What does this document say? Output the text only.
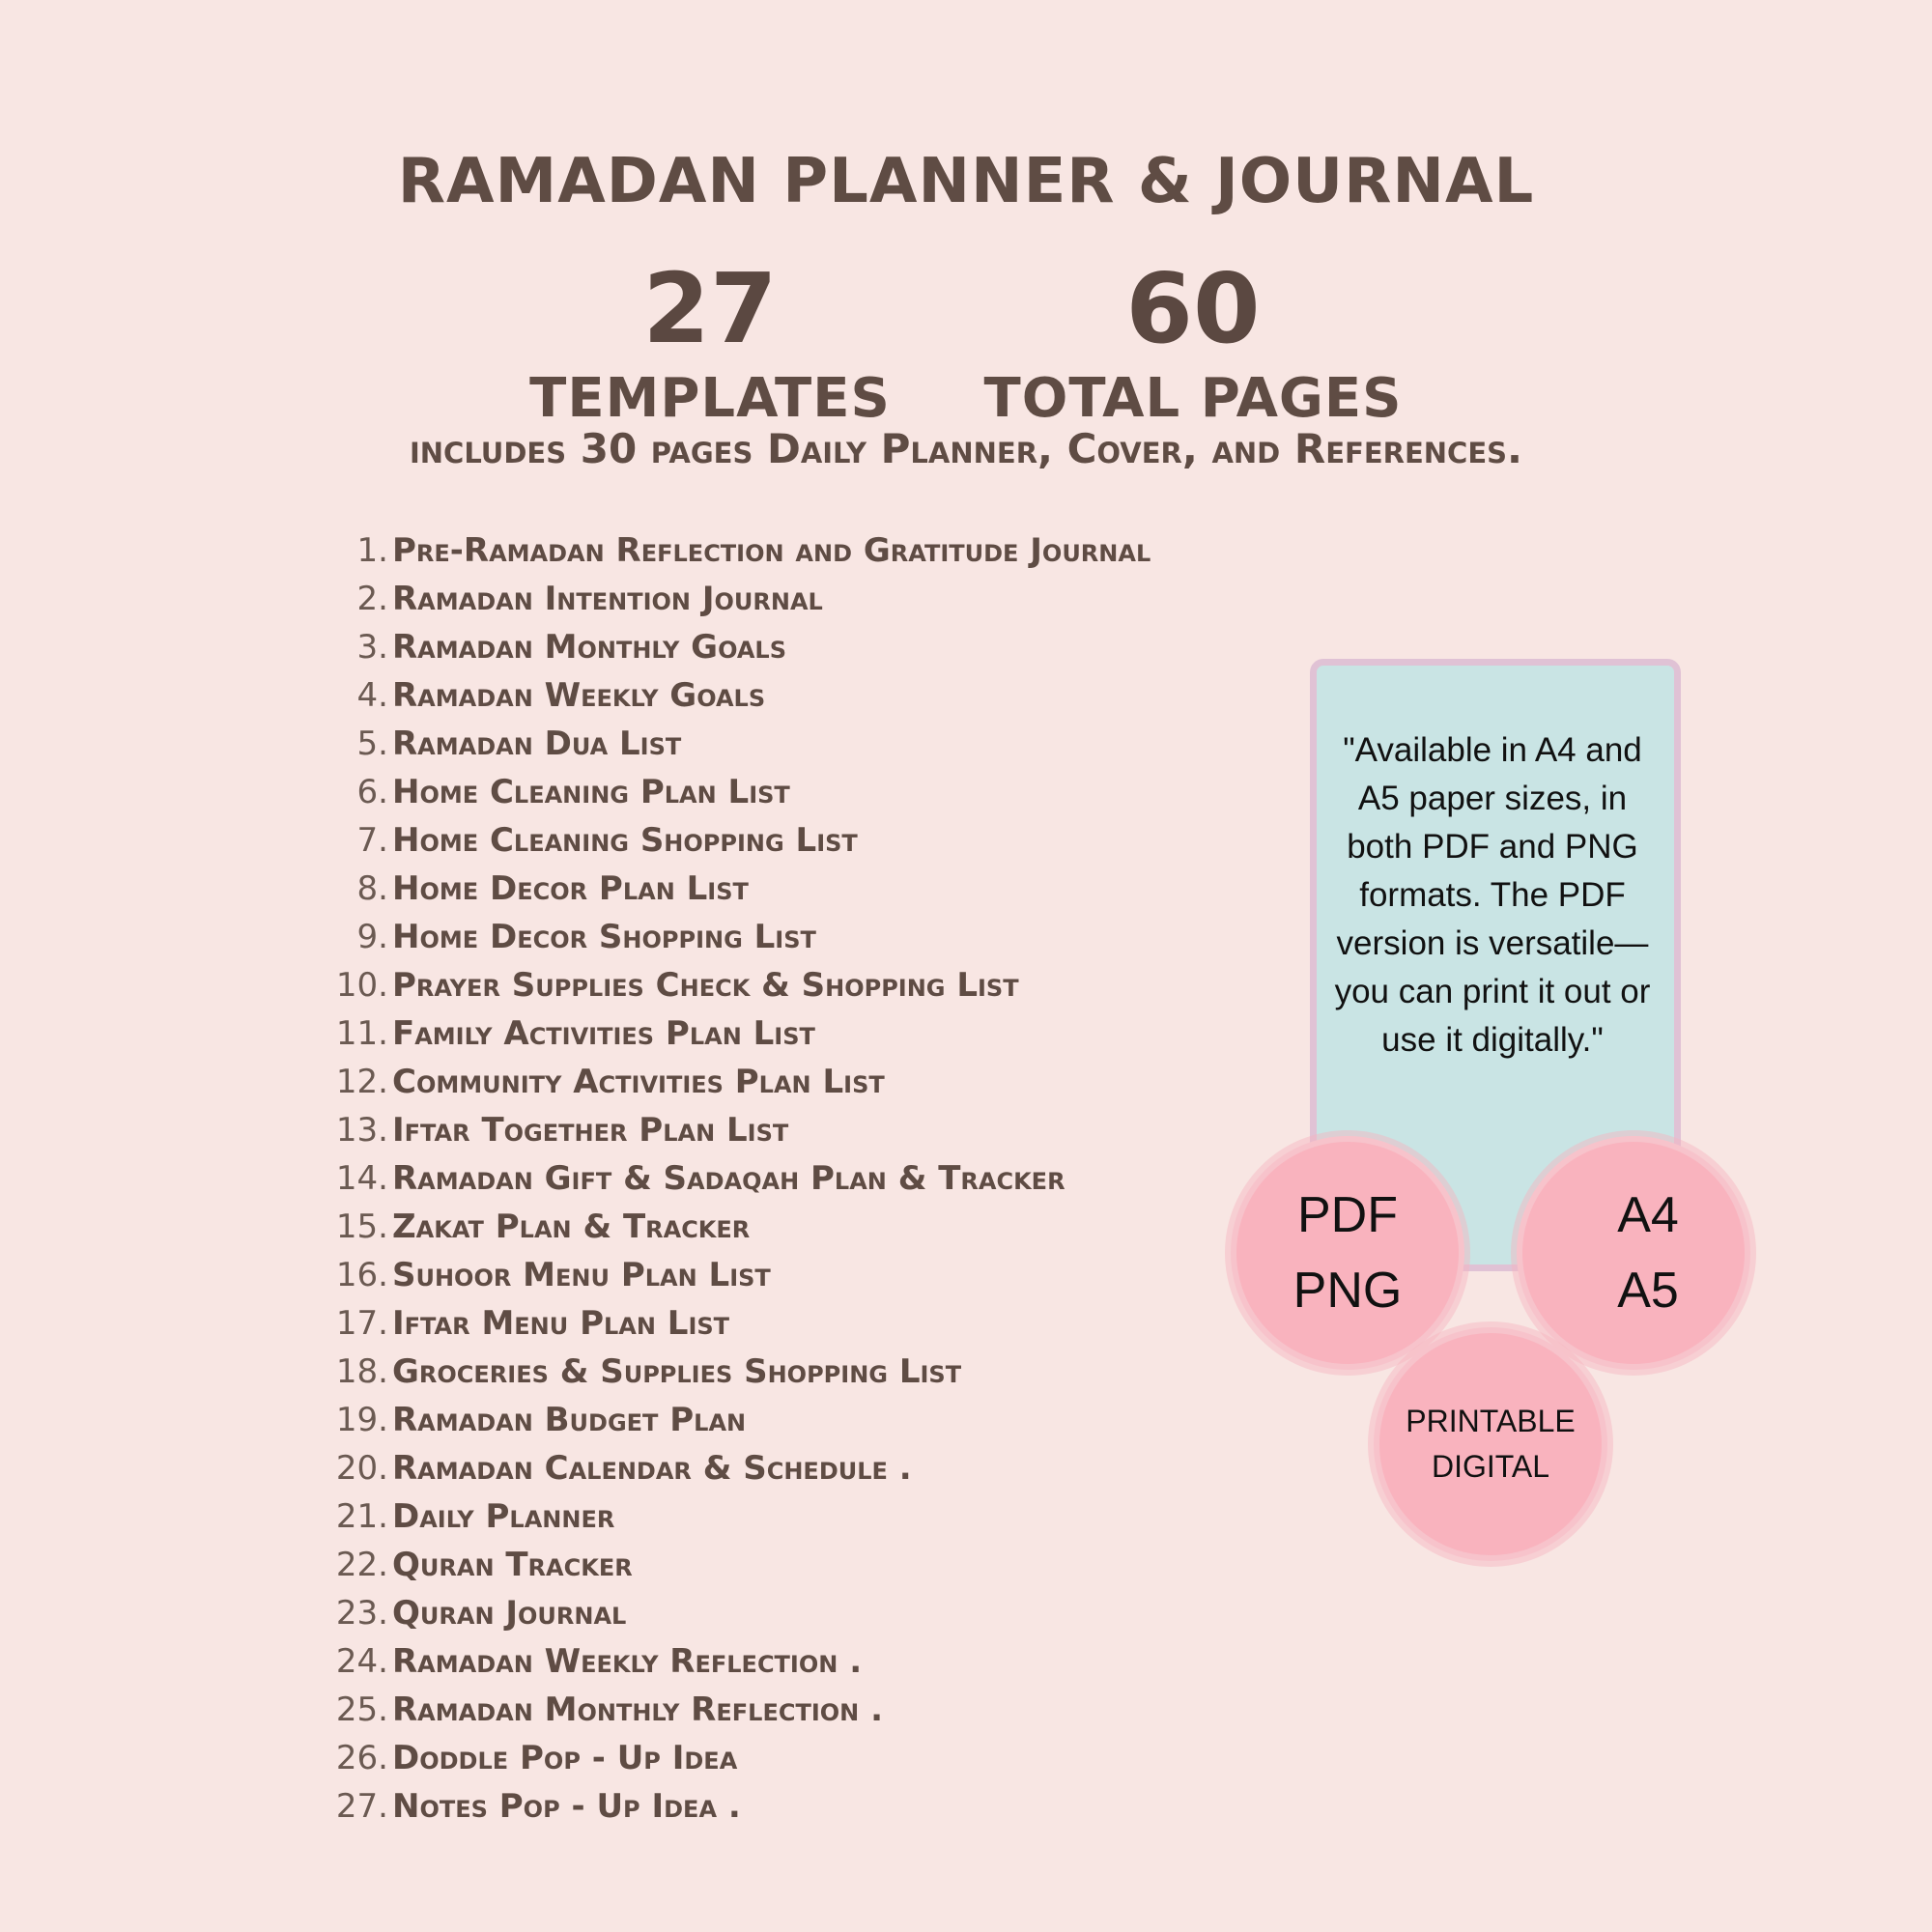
RAMADAN PLANNER & JOURNAL
27
TEMPLATES
60
TOTAL PAGES
includes 30 pages Daily Planner, Cover, and References.
1. Pre-Ramadan Reflection and Gratitude Journal
2. Ramadan Intention Journal
3. Ramadan Monthly Goals
4. Ramadan Weekly Goals
5. Ramadan Dua List
6. Home Cleaning Plan List
7. Home Cleaning Shopping List
8. Home Decor Plan List
9. Home Decor Shopping List
10. Prayer Supplies Check & Shopping List
11. Family Activities Plan List
12. Community Activities Plan List
13. Iftar Together Plan List
14. Ramadan Gift & Sadaqah Plan & Tracker
15. Zakat Plan & Tracker
16. Suhoor Menu Plan List
17. Iftar Menu Plan List
18. Groceries & Supplies Shopping List
19. Ramadan Budget Plan
20. Ramadan Calendar & Schedule .
21. Daily Planner
22. Quran Tracker
23. Quran Journal
24. Ramadan Weekly Reflection .
25. Ramadan Monthly Reflection .
26. Doddle Pop - Up Idea
27. Notes Pop - Up Idea .
"Available in A4 and A5 paper sizes, in both PDF and PNG formats. The PDF version is versatile—you can print it out or use it digitally."
PDF
PNG
A4
A5
PRINTABLE
DIGITAL
